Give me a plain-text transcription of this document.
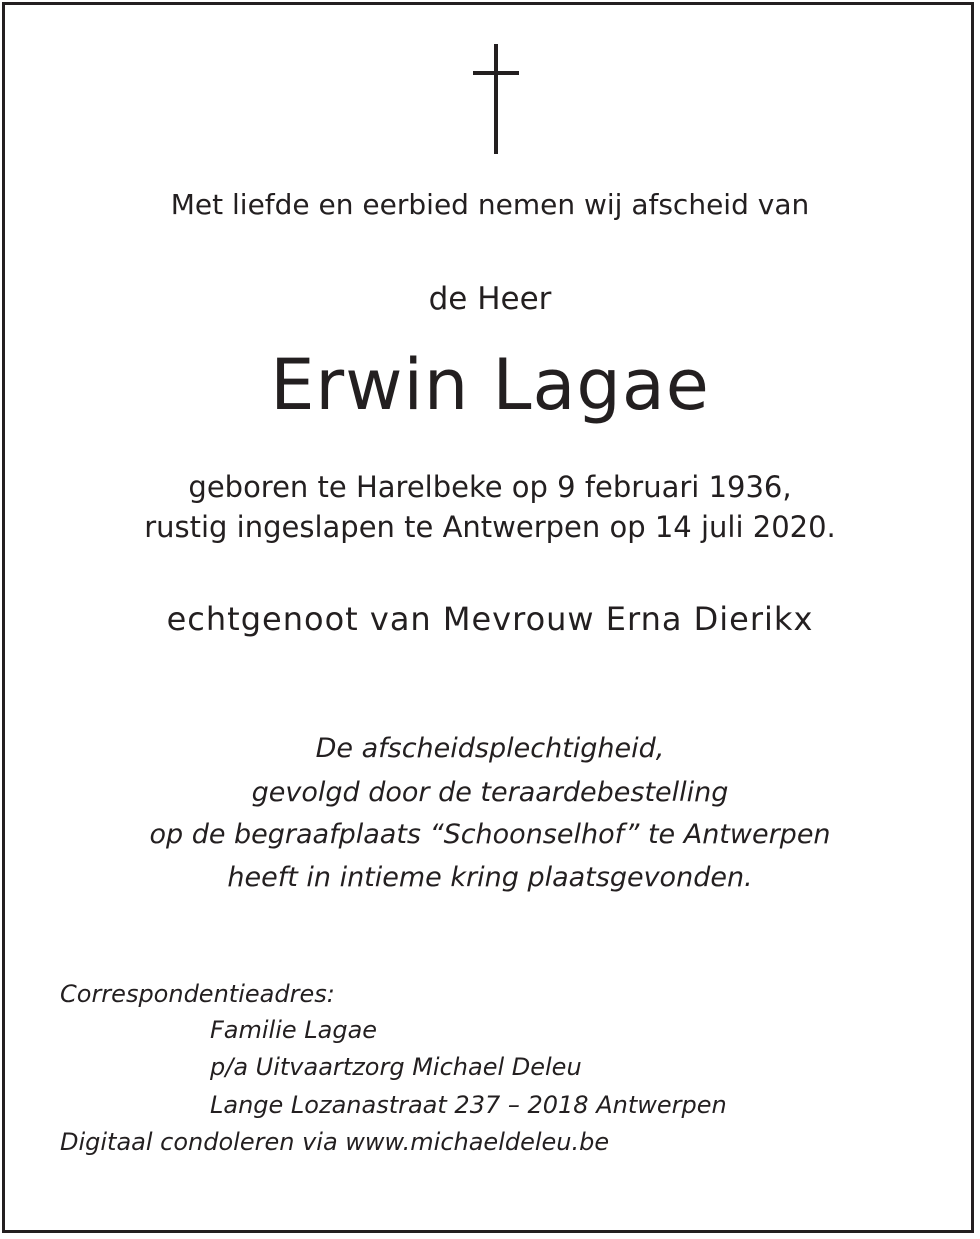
Met liefde en eerbied nemen wij afscheid van

de Heer

Erwin Lagae

geboren te Harelbeke op 9 februari 1936,

rustig ingeslapen te Antwerpen op 14 juli 2020.

echtgenoot van Mevrouw Erna Dierikx

De afscheidsplechtigheid,

gevolgd door de teraardebestelling

op de begraafplaats “Schoonselhof” te Antwerpen

heeft in intieme kring plaatsgevonden.

Correspondentieadres:

Familie Lagae

p/a Uitvaartzorg Michael Deleu

Lange Lozanastraat 237 – 2018 Antwerpen

Digitaal condoleren via www.michaeldeleu.be
